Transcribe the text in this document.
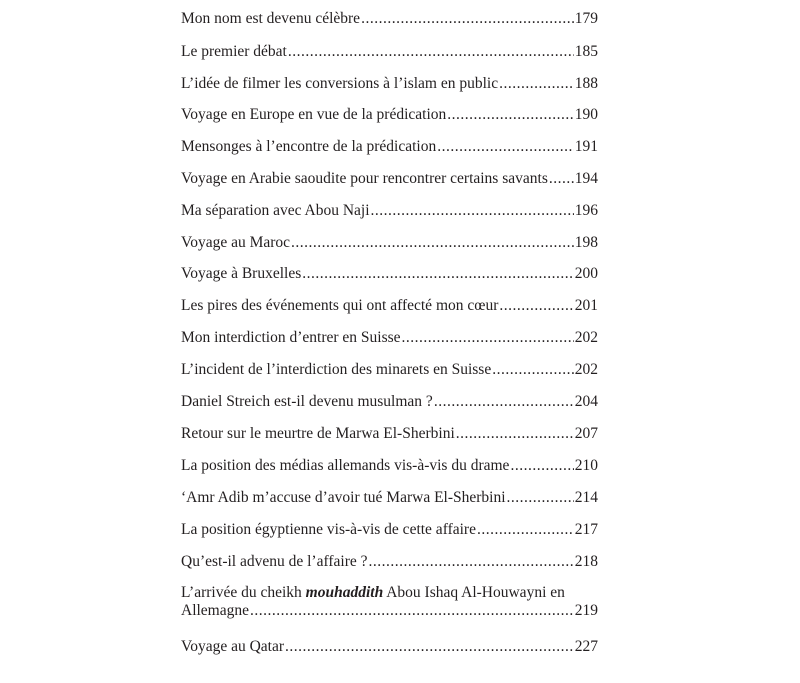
Mon nom est devenu célèbre .....	179
Le premier débat .....	185
L’idée de filmer les conversions à l’islam en public .....	188
Voyage en Europe en vue de la prédication .....	190
Mensonges à l’encontre de la prédication .....	191
Voyage en Arabie saoudite pour rencontrer certains savants ..... 194
Ma séparation avec Abou Naji .....	196
Voyage au Maroc .....	198
Voyage à Bruxelles .....	200
Les pires des événements qui ont affecté mon cœur .....	201
Mon interdiction d’entrer en Suisse .....	202
L’incident de l’interdiction des minarets en Suisse .....	202
Daniel Streich est-il devenu musulman ? .....	204
Retour sur le meurtre de Marwa El-Sherbini .....	207
La position des médias allemands vis-à-vis du drame .....	210
‘Amr Adib m’accuse d’avoir tué Marwa El-Sherbini .....	214
La position égyptienne vis-à-vis de cette affaire .....	217
Qu’est-il advenu de l’affaire ? .....	218
L’arrivée du cheikh mouhaddith Abou Ishaq Al-Houwayni en
Allemagne .....	219
Voyage au Qatar .....	227
